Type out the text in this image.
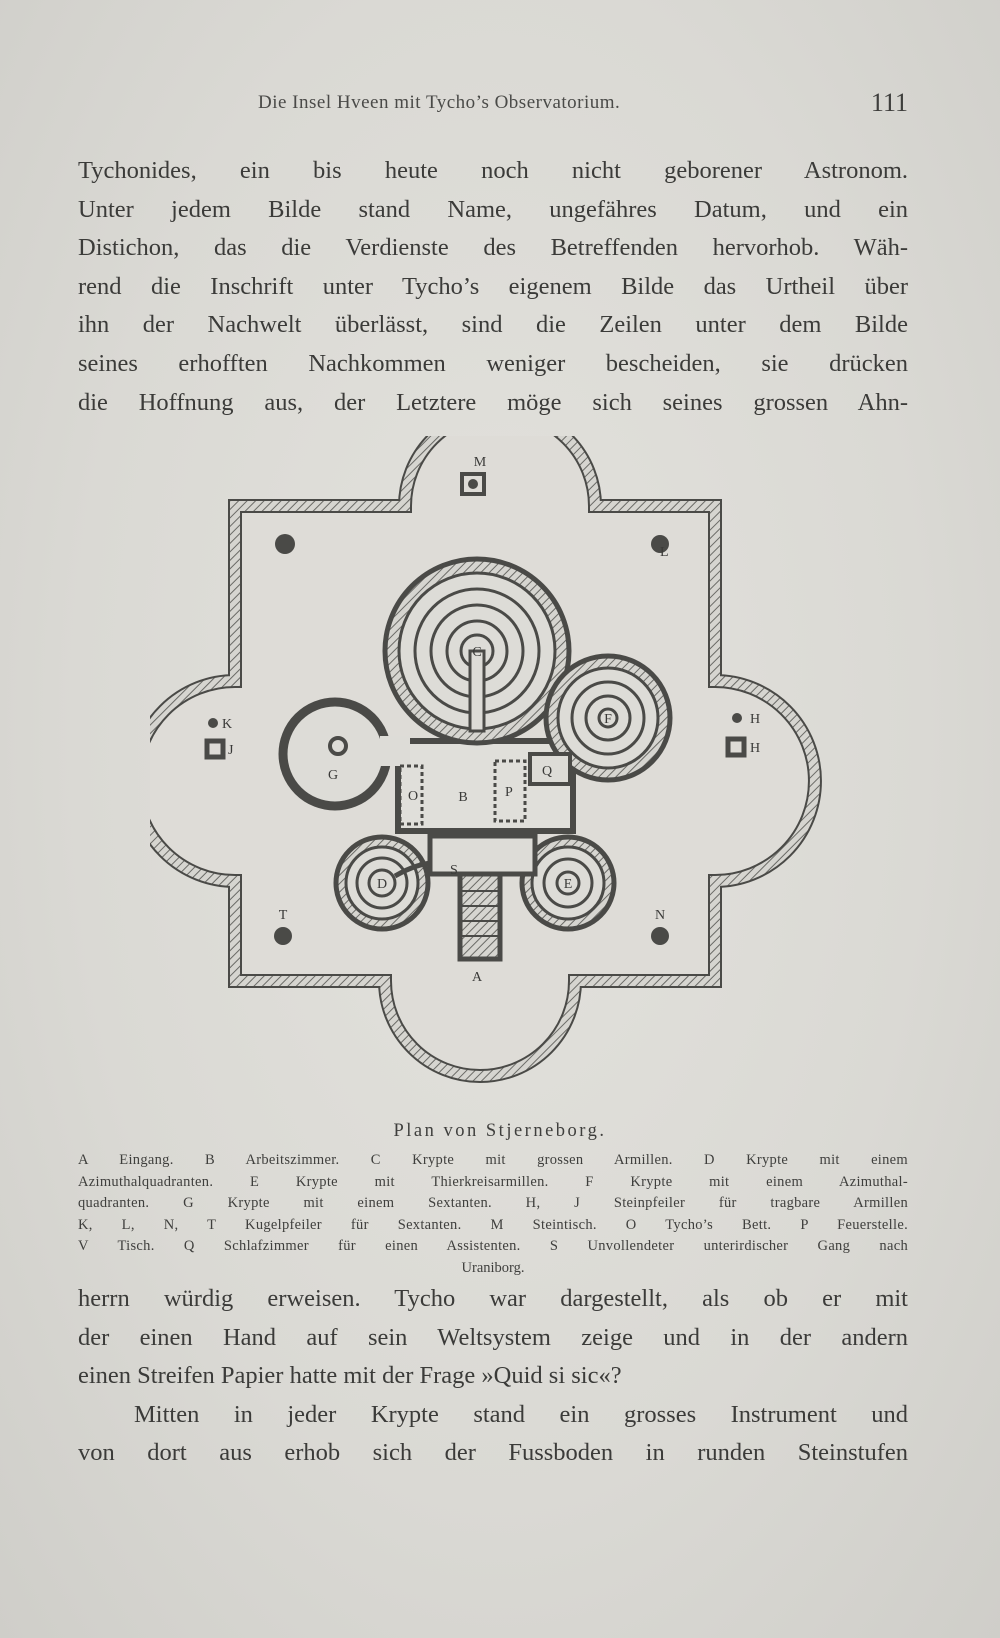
Die Insel Hveen mit Tycho’s Observatorium.	111
Tychonides, ein bis heute noch nicht geborener Astronom.
Unter jedem Bilde stand Name, ungefähres Datum, und ein
Distichon, das die Verdienste des Betreffenden hervorhob. Wäh-
rend die Inschrift unter Tycho’s eigenem Bilde das Urtheil über
ihn der Nachwelt überlässt, sind die Zeilen unter dem Bilde
seines erhofften Nachkommen weniger bescheiden, sie drücken
die Hoffnung aus, der Letztere möge sich seines grossen Ahn-
C
F
B
G
D	E
A
M
N
T
H
H
K
J
Q
O
S
P
L
Plan von Stjerneborg.
A Eingang. B Arbeitszimmer. C Krypte mit grossen Armillen. D Krypte mit einem
Azimuthalquadranten. E Krypte mit Thierkreisarmillen. F Krypte mit einem Azimuthal-
quadranten. G Krypte mit einem Sextanten. H, J Steinpfeiler für tragbare Armillen
K, L, N, T Kugelpfeiler für Sextanten. M Steintisch. O Tycho’s Bett. P Feuerstelle.
V Tisch. Q Schlafzimmer für einen Assistenten. S Unvollendeter unterirdischer Gang nach
Uraniborg.
herrn würdig erweisen. Tycho war dargestellt, als ob er mit
der einen Hand auf sein Weltsystem zeige und in der andern
einen Streifen Papier hatte mit der Frage »Quid si sic«?
Mitten in jeder Krypte stand ein grosses Instrument und
von dort aus erhob sich der Fussboden in runden Steinstufen
